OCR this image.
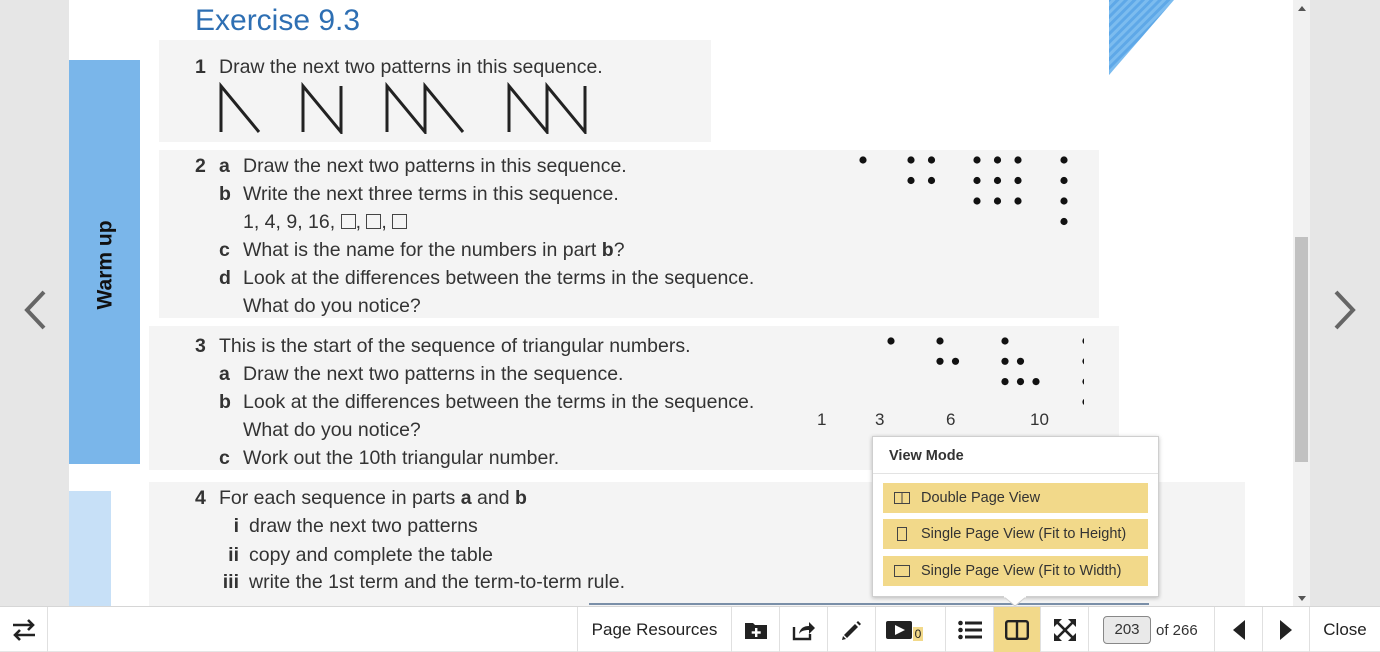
Exercise 9.3
Warm up
1 Draw the next two patterns in this sequence.
2 a Draw the next two patterns in this sequence.
b Write the next three terms in this sequence.
1, 4, 9, 16, , ,
c What is the name for the numbers in part b?
d Look at the differences between the terms in the sequence.
What do you notice?
3 This is the start of the sequence of triangular numbers.
a Draw the next two patterns in the sequence.
b Look at the differences between the terms in the sequence.
What do you notice?
c Work out the 10th triangular number.
1	3	6	10
4 For each sequence in parts a and b
i draw the next two patterns
ii copy and complete the table
iii write the 1st term and the term-to-term rule.
View Mode
Double Page View
Single Page View (Fit to Height)
Single Page View (Fit to Width)
Page Resources	0	203	of 266	Close
